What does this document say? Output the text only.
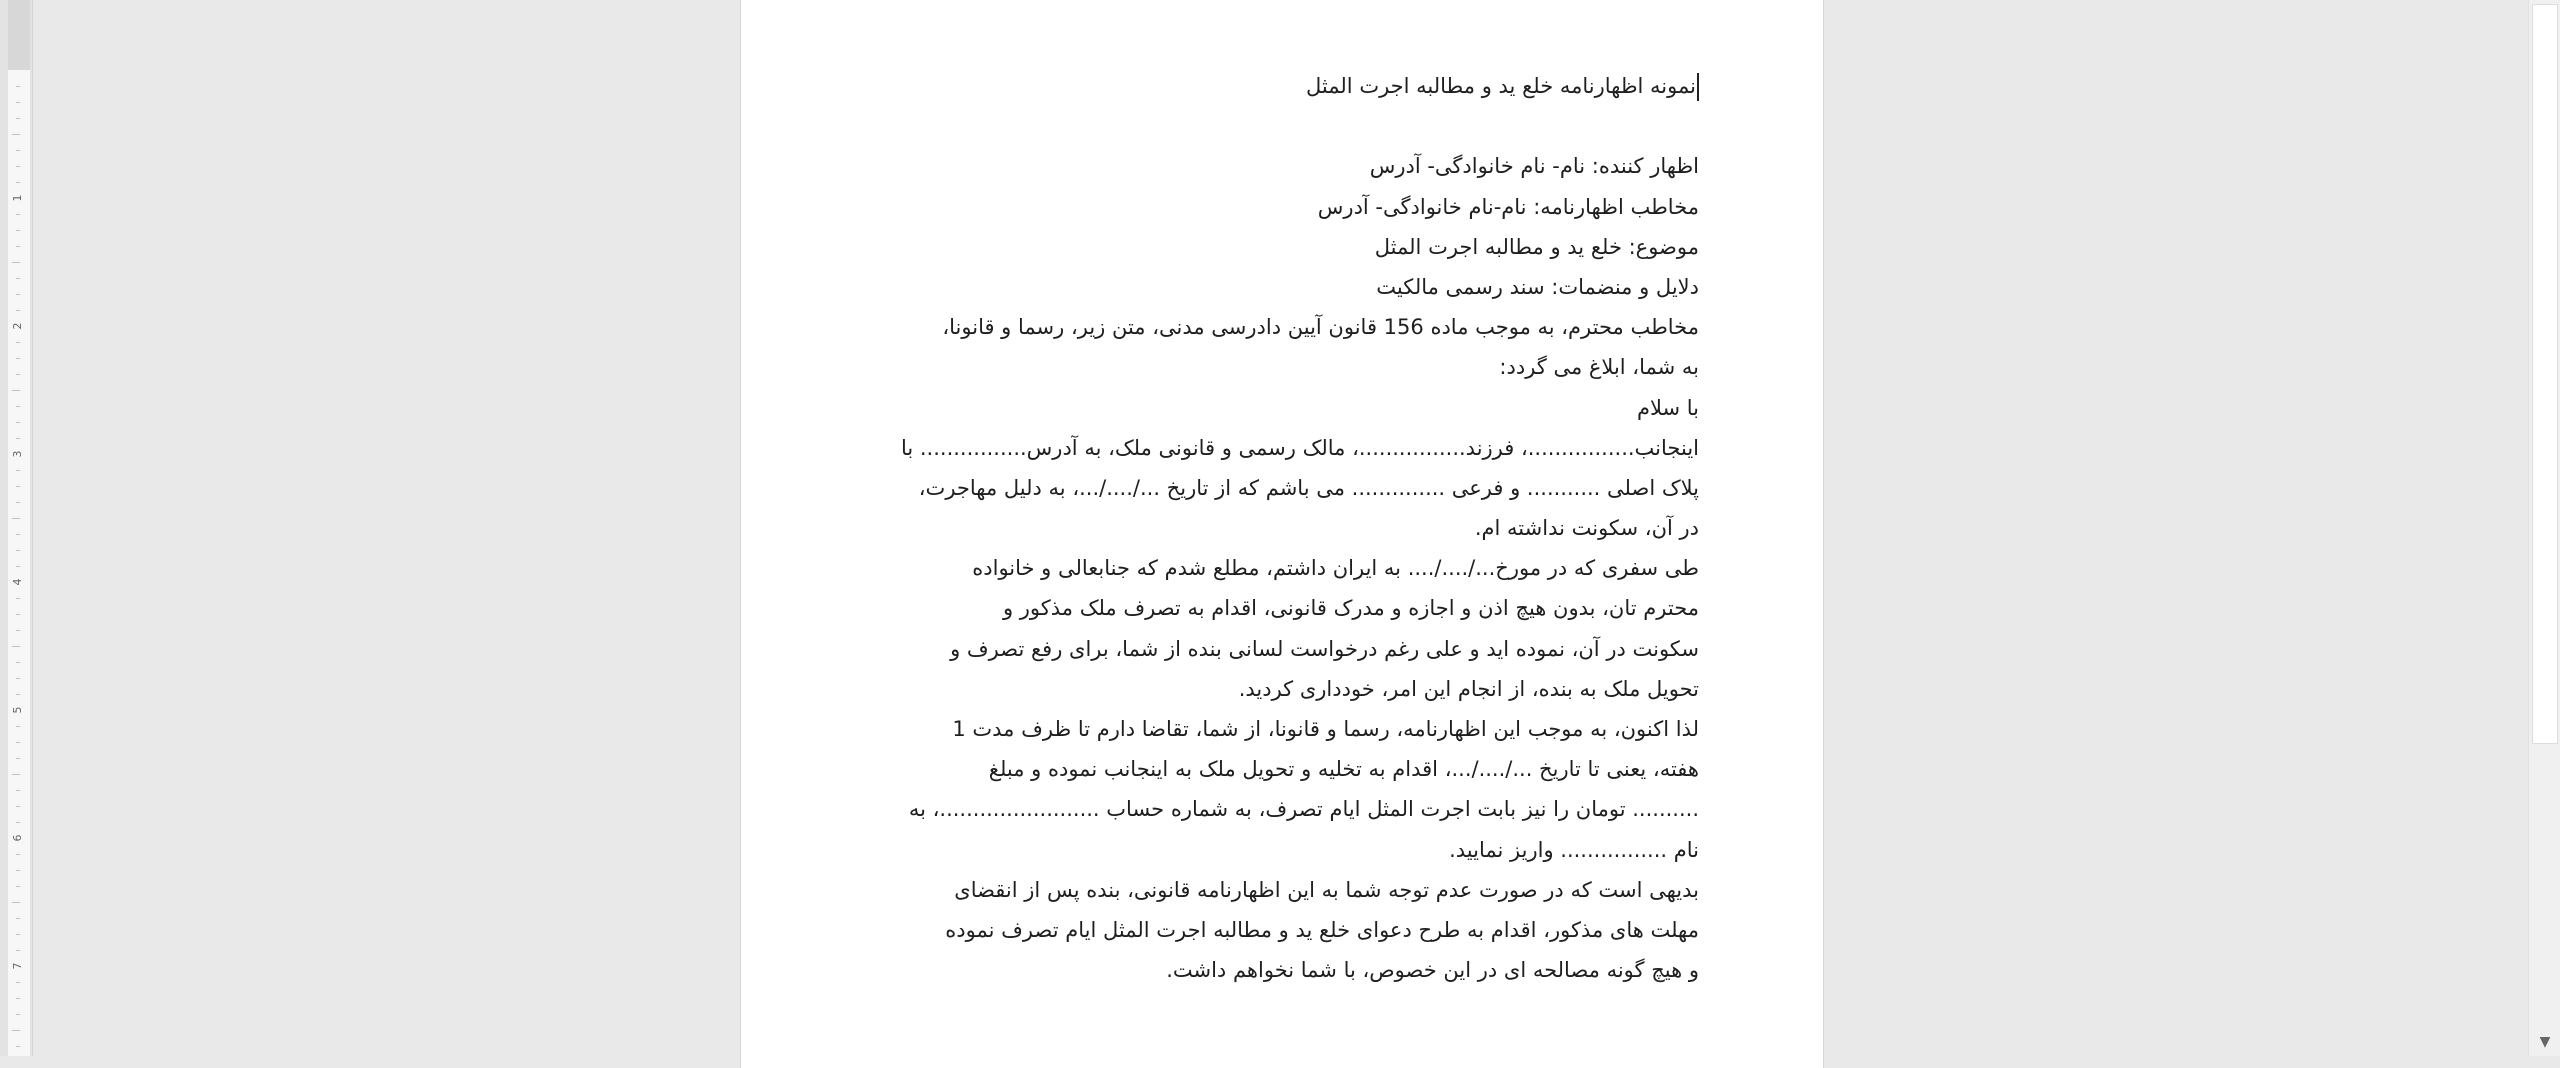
1
2
3
4
5
6
7
نمونه اظهارنامه خلع ید و مطالبه اجرت المثل
اظهار کننده: نام- نام خانوادگی- آدرس
مخاطب اظهارنامه: نام-نام خانوادگی- آدرس
موضوع: خلع ید و مطالبه اجرت المثل
دلایل و منضمات: سند رسمی مالکیت
مخاطب محترم، به موجب ماده 156 قانون آیین دادرسی مدنی، متن زیر، رسما و قانونا،
به شما، ابلاغ می گردد:
با سلام
اینجانب................، فرزند................، مالک رسمی و قانونی ملک، به آدرس................ با
پلاک اصلی ........... و فرعی .............. می باشم که از تاریخ .../..../...، به دلیل مهاجرت،
در آن، سکونت نداشته ام.
طی سفری که در مورخ.../..../.... به ایران داشتم، مطلع شدم که جنابعالی و خانواده
محترم تان، بدون هیچ اذن و اجازه و مدرک قانونی، اقدام به تصرف ملک مذکور و
سکونت در آن، نموده اید و علی رغم درخواست لسانی بنده از شما، برای رفع تصرف و
تحویل ملک به بنده، از انجام این امر، خودداری کردید.
لذا اکنون، به موجب این اظهارنامه، رسما و قانونا، از شما، تقاضا دارم تا ظرف مدت 1
هفته، یعنی تا تاریخ .../..../...، اقدام به تخلیه و تحویل ملک به اینجانب نموده و مبلغ
.......... تومان را نیز بابت اجرت المثل ایام تصرف، به شماره حساب ........................، به
نام ................ واریز نمایید.
بدیهی است که در صورت عدم توجه شما به این اظهارنامه قانونی، بنده پس از انقضای
مهلت های مذکور، اقدام به طرح دعوای خلع ید و مطالبه اجرت المثل ایام تصرف نموده
و هیچ گونه مصالحه ای در این خصوص، با شما نخواهم داشت.
▼
